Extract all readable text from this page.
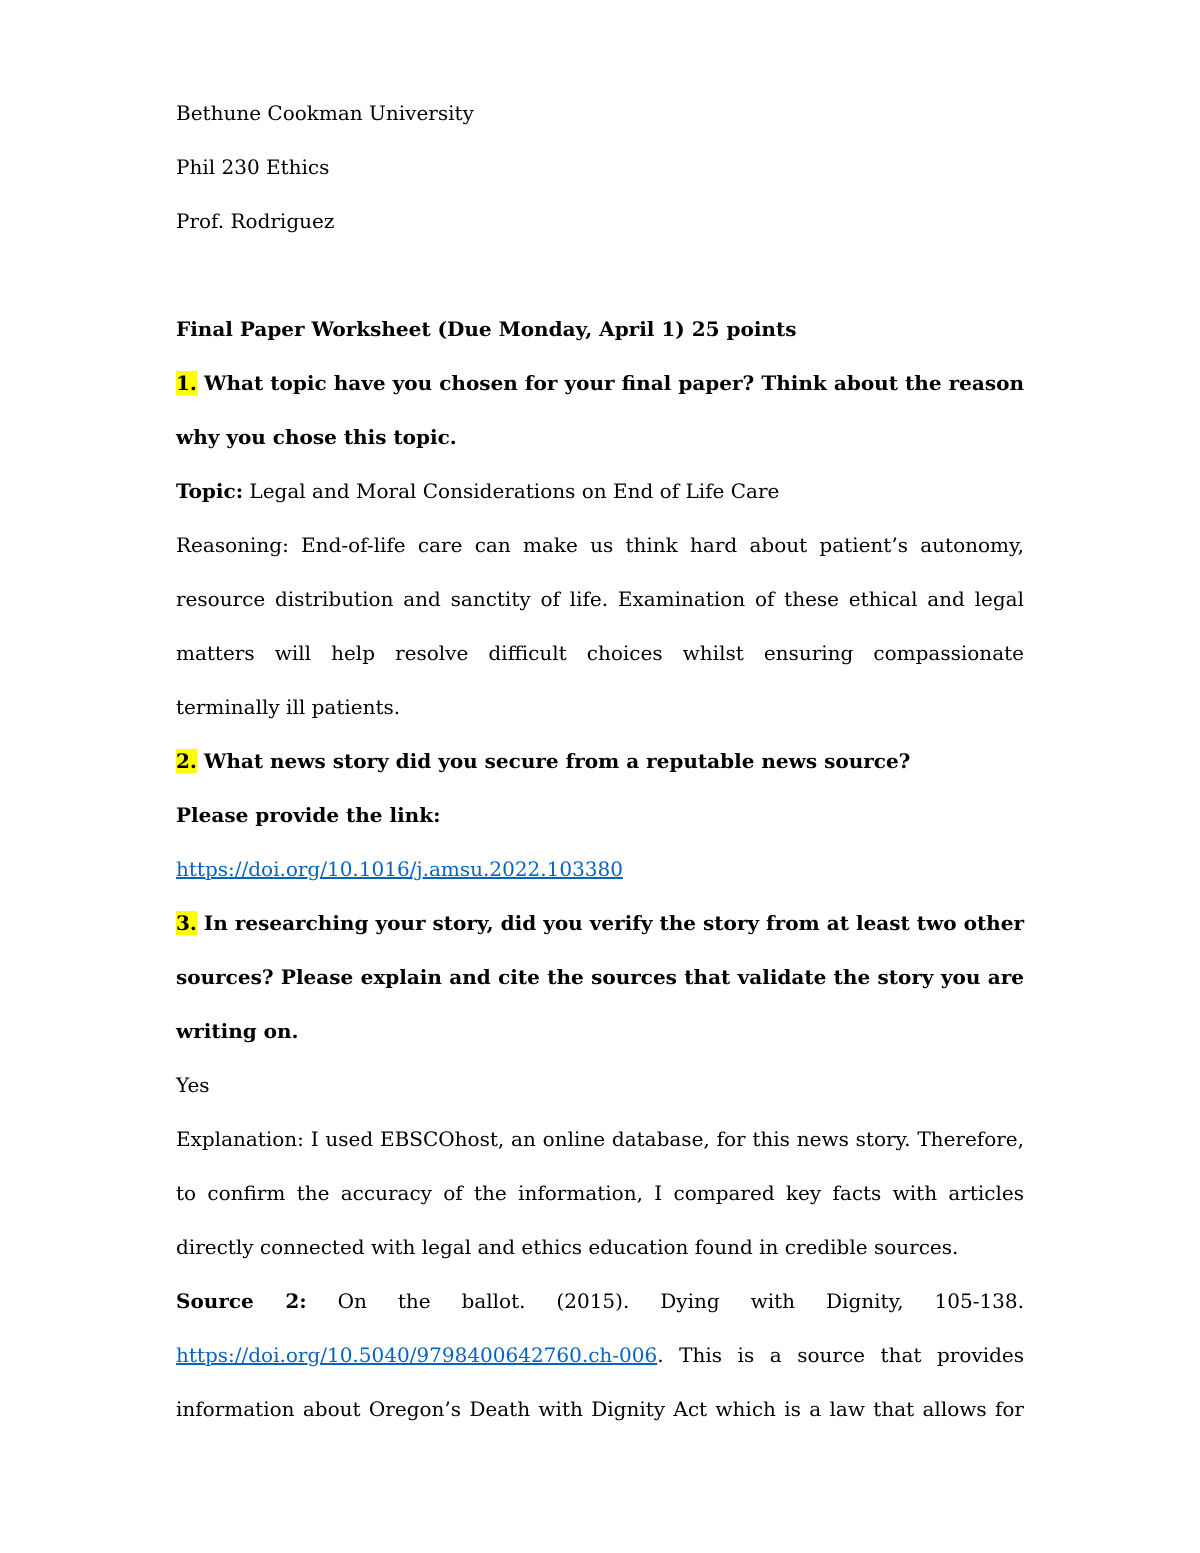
Bethune Cookman University
Phil 230 Ethics
Prof. Rodriguez
Final Paper Worksheet (Due Monday, April 1) 25 points
1. What topic have you chosen for your final paper? Think about the reason why you chose this topic.
Topic: Legal and Moral Considerations on End of Life Care
Reasoning: End-of-life care can make us think hard about patient’s autonomy, resource distribution and sanctity of life. Examination of these ethical and legal matters will help resolve difficult choices whilst ensuring compassionate terminally ill patients.
2. What news story did you secure from a reputable news source?
Please provide the link:
https://doi.org/10.1016/j.amsu.2022.103380
3. In researching your story, did you verify the story from at least two other sources? Please explain and cite the sources that validate the story you are writing on.
Yes
Explanation: I used EBSCOhost, an online database, for this news story. Therefore, to confirm the accuracy of the information, I compared key facts with articles directly connected with legal and ethics education found in credible sources.
Source 2: On the ballot. (2015). Dying with Dignity, 105-138. https://doi.org/10.5040/9798400642760.ch-006. This is a source that provides information about Oregon’s Death with Dignity Act which is a law that allows for
